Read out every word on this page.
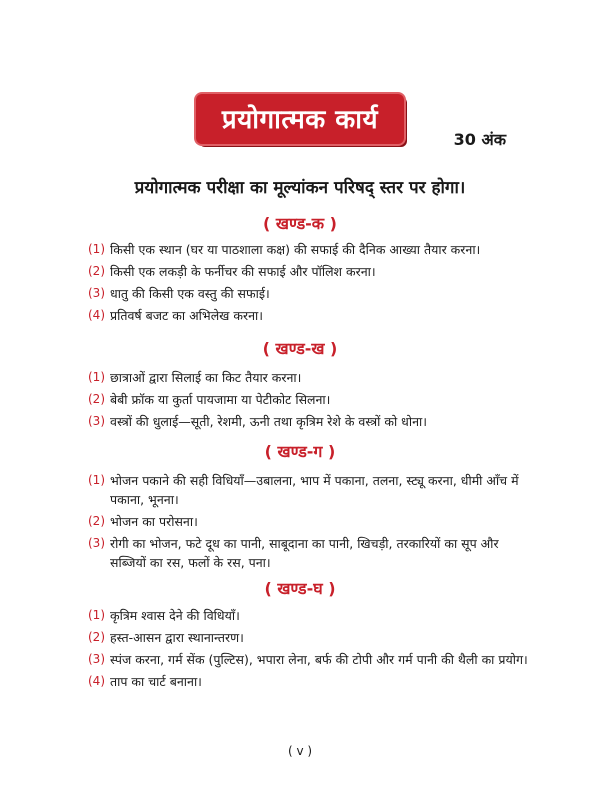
प्रयोगात्मक कार्य
30 अंक
प्रयोगात्मक परीक्षा का मूल्यांकन परिषद् स्तर पर होगा।
( खण्ड-क )
(1) किसी एक स्थान (घर या पाठशाला कक्ष) की सफाई की दैनिक आख्या तैयार करना।
(2) किसी एक लकड़ी के फर्नीचर की सफाई और पॉलिश करना।
(3) धातु की किसी एक वस्तु की सफाई।
(4) प्रतिवर्ष बजट का अभिलेख करना।
( खण्ड-ख )
(1) छात्राओं द्वारा सिलाई का किट तैयार करना।
(2) बेबी फ्रॉक या कुर्ता पायजामा या पेटीकोट सिलना।
(3) वस्त्रों की धुलाई—सूती, रेशमी, ऊनी तथा कृत्रिम रेशे के वस्त्रों को धोना।
( खण्ड-ग )
(1) भोजन पकाने की सही विधियाँ—उबालना, भाप में पकाना, तलना, स्ट्यू करना, धीमी आँच में पकाना, भूनना।
(2) भोजन का परोसना।
(3) रोगी का भोजन, फटे दूध का पानी, साबूदाना का पानी, खिचड़ी, तरकारियों का सूप और सब्जियों का रस, फलों के रस, पना।
( खण्ड-घ )
(1) कृत्रिम श्वास देने की विधियाँ।
(2) हस्त-आसन द्वारा स्थानान्तरण।
(3) स्पंज करना, गर्म सेंक (पुल्टिस), भपारा लेना, बर्फ की टोपी और गर्म पानी की थैली का प्रयोग।
(4) ताप का चार्ट बनाना।
( v )
